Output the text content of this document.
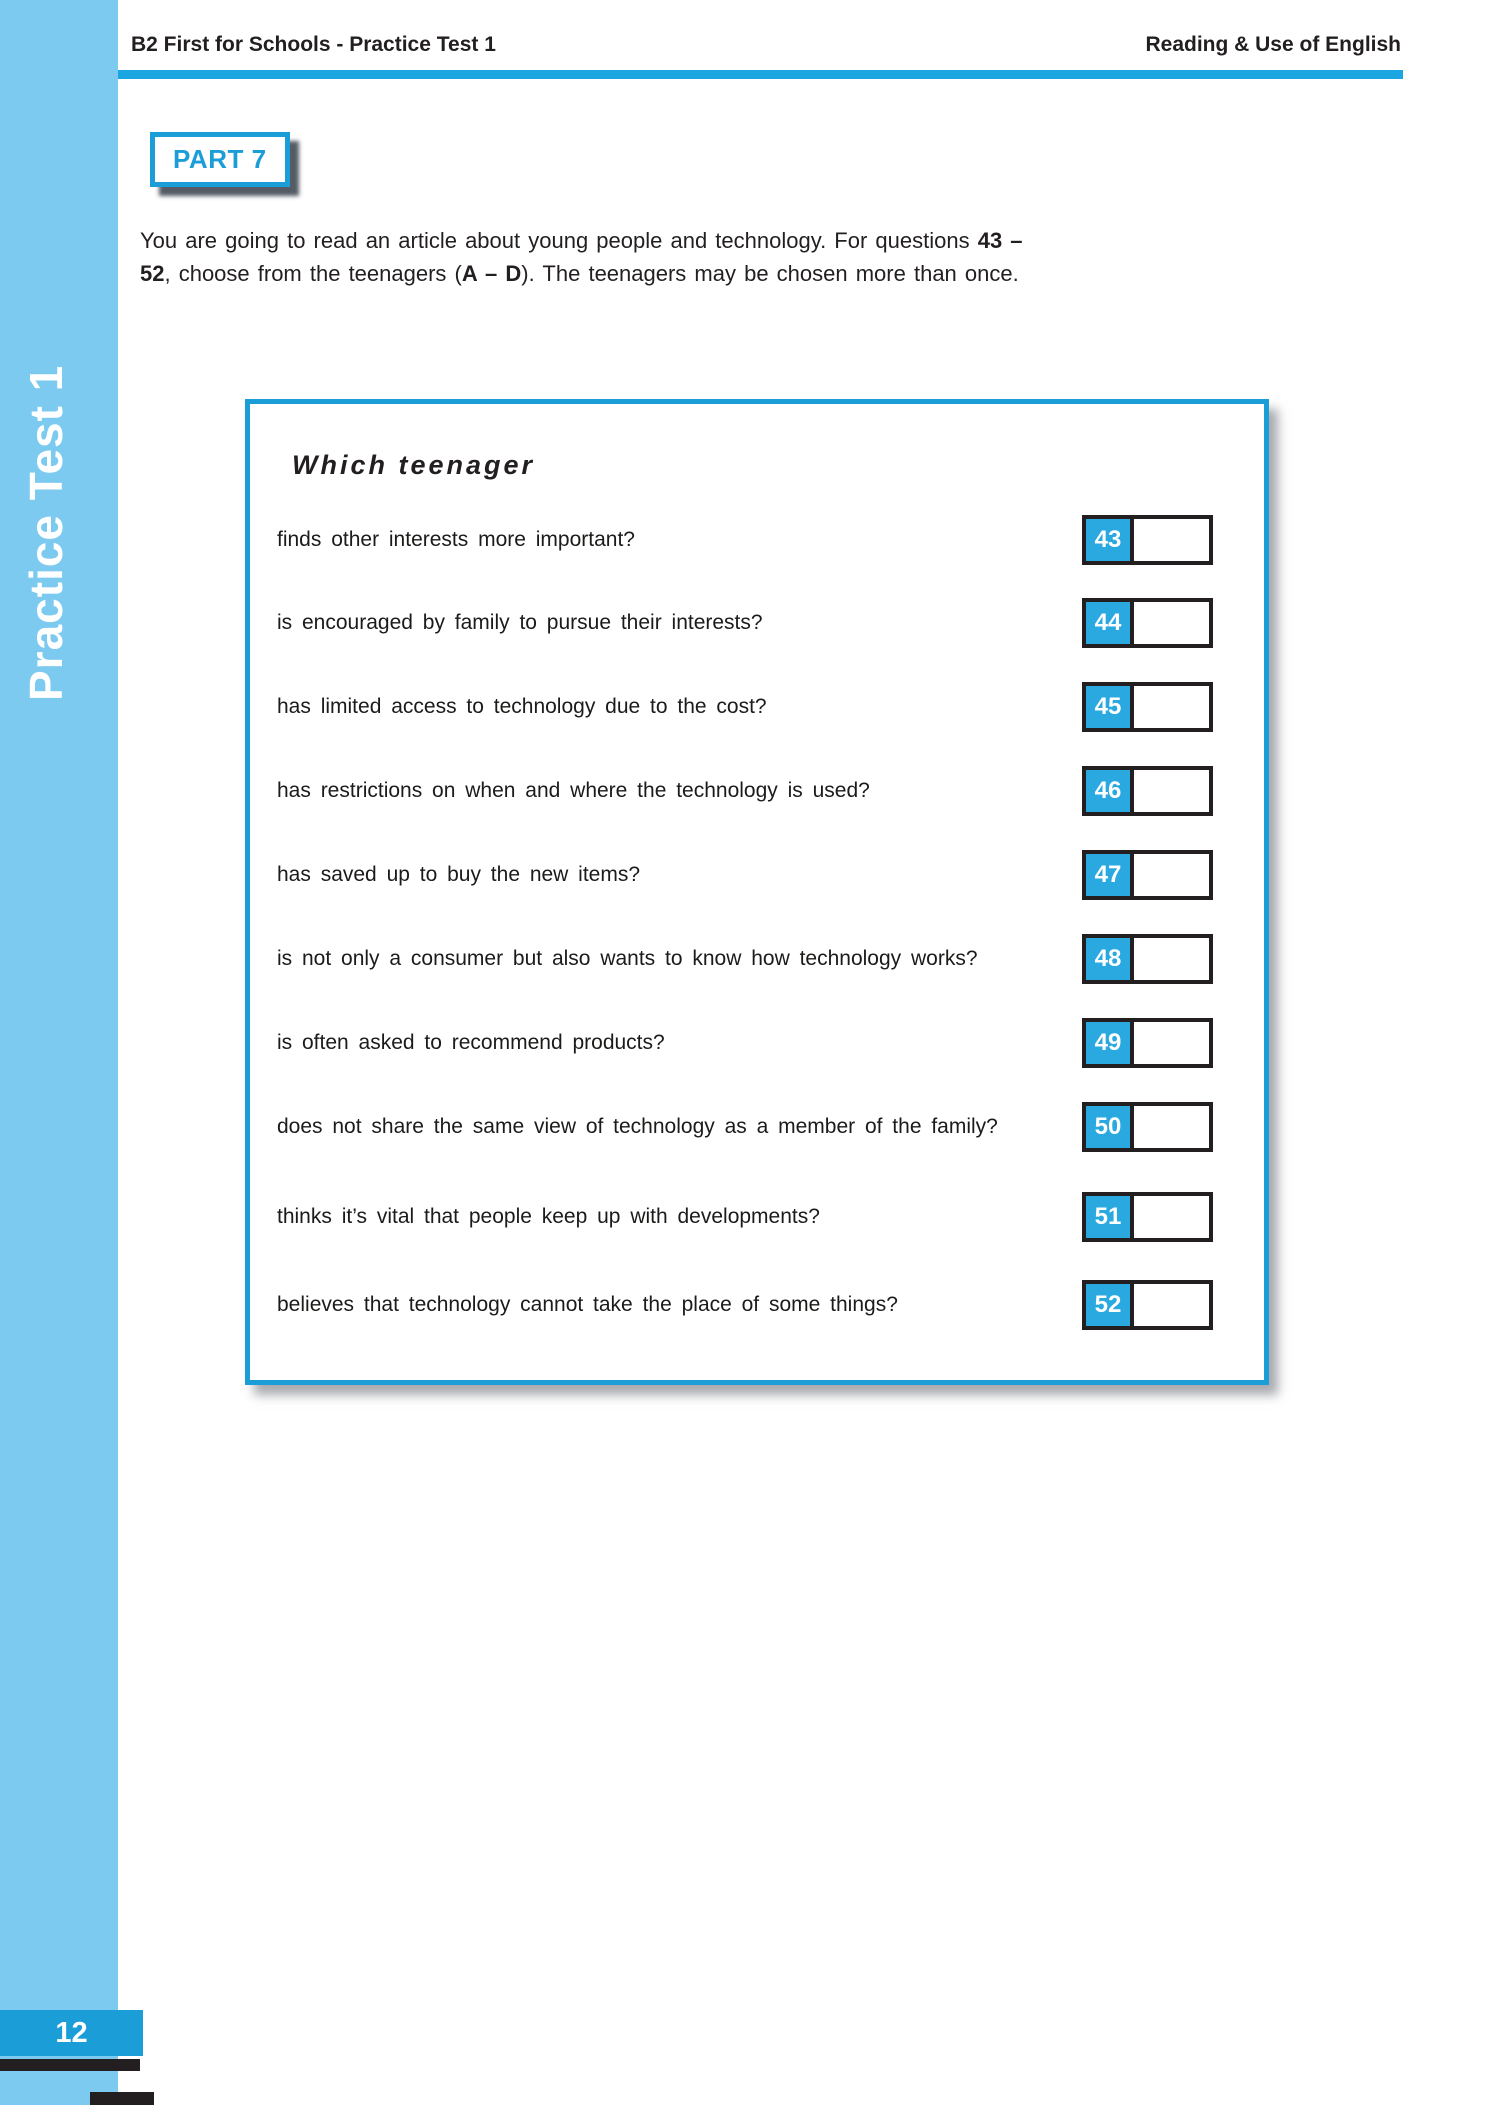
Practice Test 1
B2 First for Schools - Practice Test 1	Reading & Use of English
PART 7

You are going to read an article about young people and technology. For questions 43 – 52, choose from the teenagers (A – D). The teenagers may be chosen more than once.

Which teenager
finds other interests more important?	43
is encouraged by family to pursue their interests?	44
has limited access to technology due to the cost?	45
has restrictions on when and where the technology is used?	46
has saved up to buy the new items?	47
is not only a consumer but also wants to know how technology works?	48
is often asked to recommend products?	49
does not share the same view of technology as a member of the family?	50
thinks it’s vital that people keep up with developments?	51
believes that technology cannot take the place of some things?	52
12
